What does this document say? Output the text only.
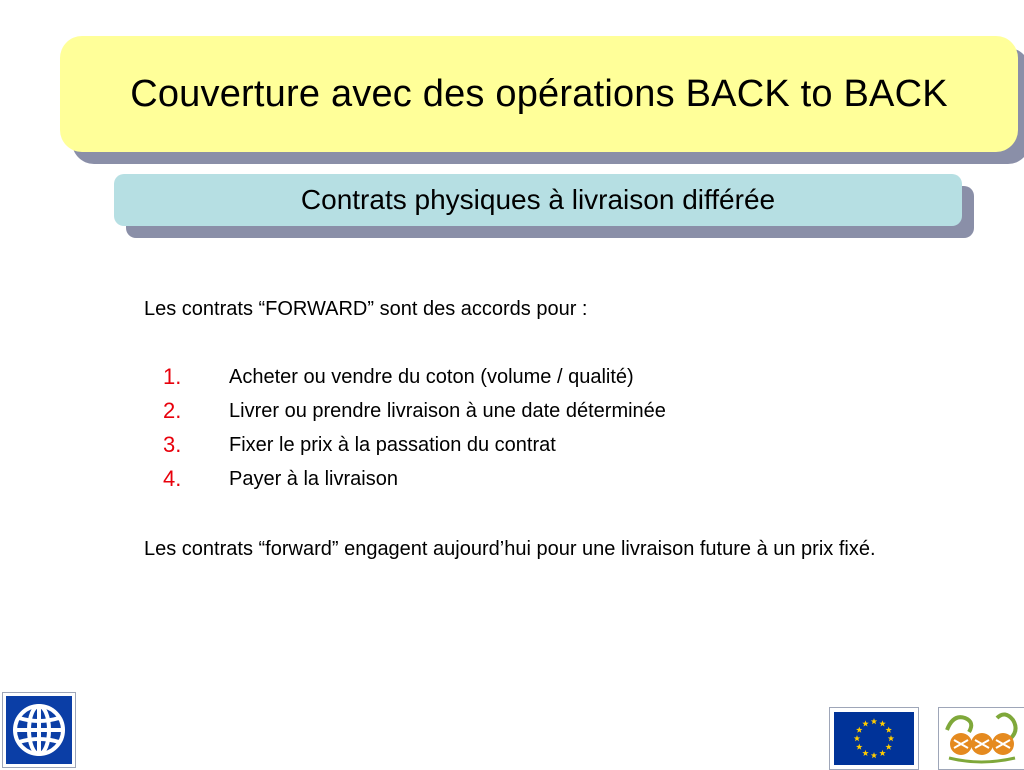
Couverture avec des opérations BACK to BACK
Contrats physiques à livraison différée
Les contrats “FORWARD” sont des accords pour :
1. Acheter ou vendre du coton (volume / qualité)
2. Livrer ou prendre livraison à une date déterminée
3. Fixer le prix à la passation du contrat
4. Payer à la livraison
Les contrats “forward” engagent aujourd’hui pour une livraison future à un prix fixé.
